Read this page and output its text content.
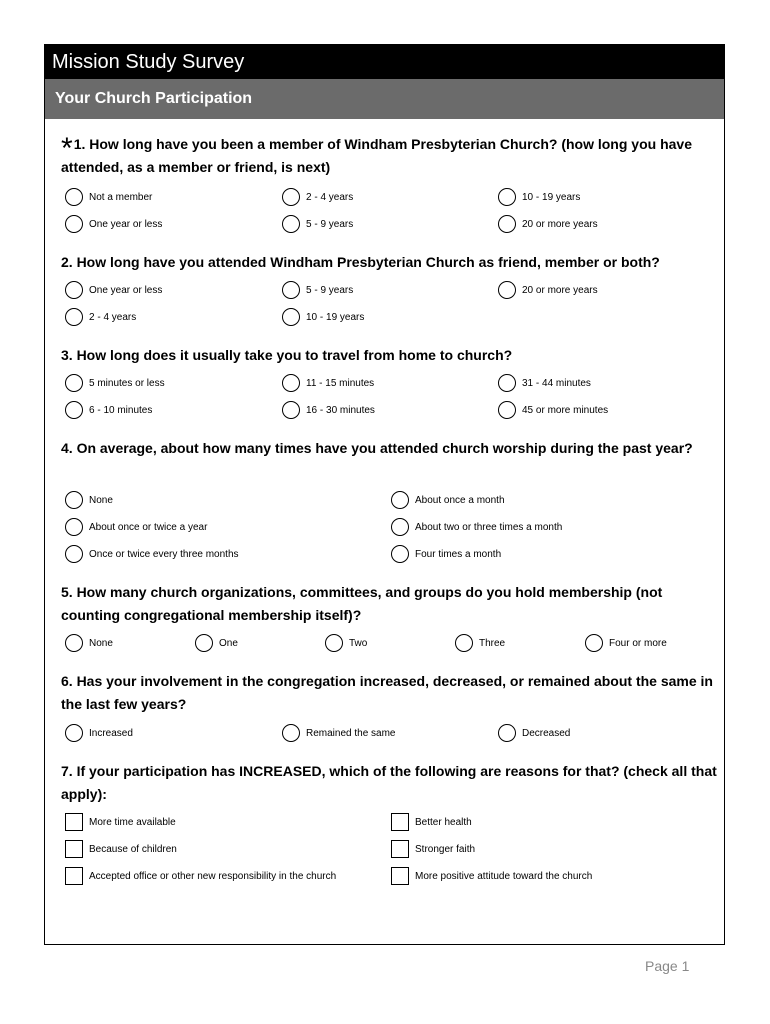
Mission Study Survey
Your Church Participation
*1. How long have you been a member of Windham Presbyterian Church? (how long you have attended, as a member or friend, is next)
Not a member	2 - 4 years	10 - 19 years
One year or less	5 - 9 years	20 or more years
2. How long have you attended Windham Presbyterian Church as friend, member or both?
One year or less	5 - 9 years	20 or more years
2 - 4 years	10 - 19 years
3. How long does it usually take you to travel from home to church?
5 minutes or less	11 - 15 minutes	31 - 44 minutes
6 - 10 minutes	16 - 30 minutes	45 or more minutes
4. On average, about how many times have you attended church worship during the past year?
None	About once a month
About once or twice a year	About two or three times a month
Once or twice every three months	Four times a month
5. How many church organizations, committees, and groups do you hold membership (not counting congregational membership itself)?
None	One	Two	Three	Four or more
6. Has your involvement in the congregation increased, decreased, or remained about the same in the last few years?
Increased	Remained the same	Decreased
7. If your participation has INCREASED, which of the following are reasons for that? (check all that apply):
More time available	Better health
Because of children	Stronger faith
Accepted office or other new responsibility in the church	More positive attitude toward the church
Page 1
